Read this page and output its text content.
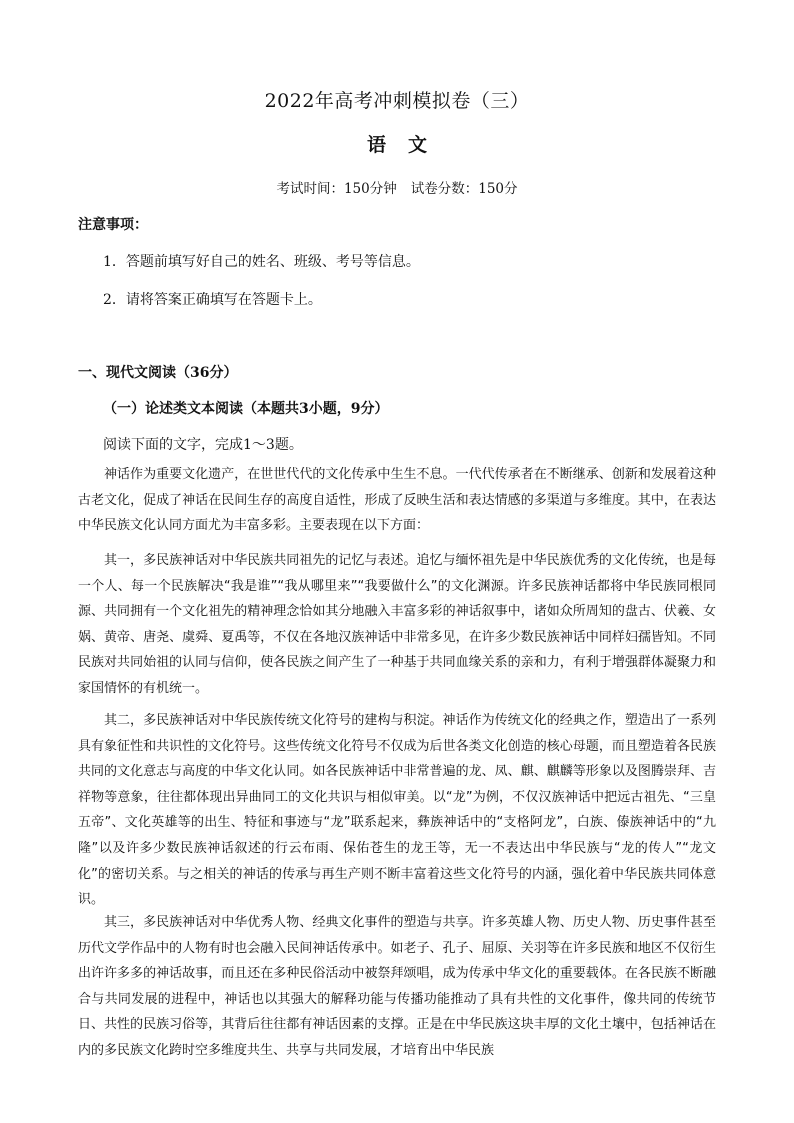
2022年高考冲刺模拟卷（三）
语文
考试时间：150分钟 试卷分数：150分
注意事项：
1．答题前填写好自己的姓名、班级、考号等信息。
2．请将答案正确填写在答题卡上。
一、现代文阅读（36分）
（一）论述类文本阅读（本题共3小题，9分）
阅读下面的文字，完成1～3题。

神话作为重要文化遗产，在世世代代的文化传承中生生不息。一代代传承者在不断继承、创新和发展着这种古老文化，促成了神话在民间生存的高度自适性，形成了反映生活和表达情感的多渠道与多维度。其中，在表达中华民族文化认同方面尤为丰富多彩。主要表现在以下方面：

其一，多民族神话对中华民族共同祖先的记忆与表述。追忆与缅怀祖先是中华民族优秀的文化传统，也是每一个人、每一个民族解决“我是谁”“我从哪里来”“我要做什么”的文化渊源。许多民族神话都将中华民族同根同源、共同拥有一个文化祖先的精神理念恰如其分地融入丰富多彩的神话叙事中，诸如众所周知的盘古、伏羲、女娲、黄帝、唐尧、虞舜、夏禹等，不仅在各地汉族神话中非常多见，在许多少数民族神话中同样妇孺皆知。不同民族对共同始祖的认同与信仰，使各民族之间产生了一种基于共同血缘关系的亲和力，有利于增强群体凝聚力和家国情怀的有机统一。

其二，多民族神话对中华民族传统文化符号的建构与积淀。神话作为传统文化的经典之作，塑造出了一系列具有象征性和共识性的文化符号。这些传统文化符号不仅成为后世各类文化创造的核心母题，而且塑造着各民族共同的文化意志与高度的中华文化认同。如各民族神话中非常普遍的龙、凤、麒、麒麟等形象以及图腾崇拜、吉祥物等意象，往往都体现出异曲同工的文化共识与相似审美。以“龙”为例，不仅汉族神话中把远古祖先、“三皇五帝”、文化英雄等的出生、特征和事迹与“龙”联系起来，彝族神话中的“支格阿龙”，白族、傣族神话中的“九隆”以及许多少数民族神话叙述的行云布雨、保佑苍生的龙王等，无一不表达出中华民族与“龙的传人”“龙文化”的密切关系。与之相关的神话的传承与再生产则不断丰富着这些文化符号的内涵，强化着中华民族共同体意识。

其三，多民族神话对中华优秀人物、经典文化事件的塑造与共享。许多英雄人物、历史人物、历史事件甚至历代文学作品中的人物有时也会融入民间神话传承中。如老子、孔子、屈原、关羽等在许多民族和地区不仅衍生出许许多多的神话故事，而且还在多种民俗活动中被祭拜颂唱，成为传承中华文化的重要载体。在各民族不断融合与共同发展的进程中，神话也以其强大的解释功能与传播功能推动了具有共性的文化事件，像共同的传统节日、共性的民族习俗等，其背后往往都有神话因素的支撑。正是在中华民族这块丰厚的文化土壤中，包括神话在内的多民族文化跨时空多维度共生、共享与共同发展，才培育出中华民族
